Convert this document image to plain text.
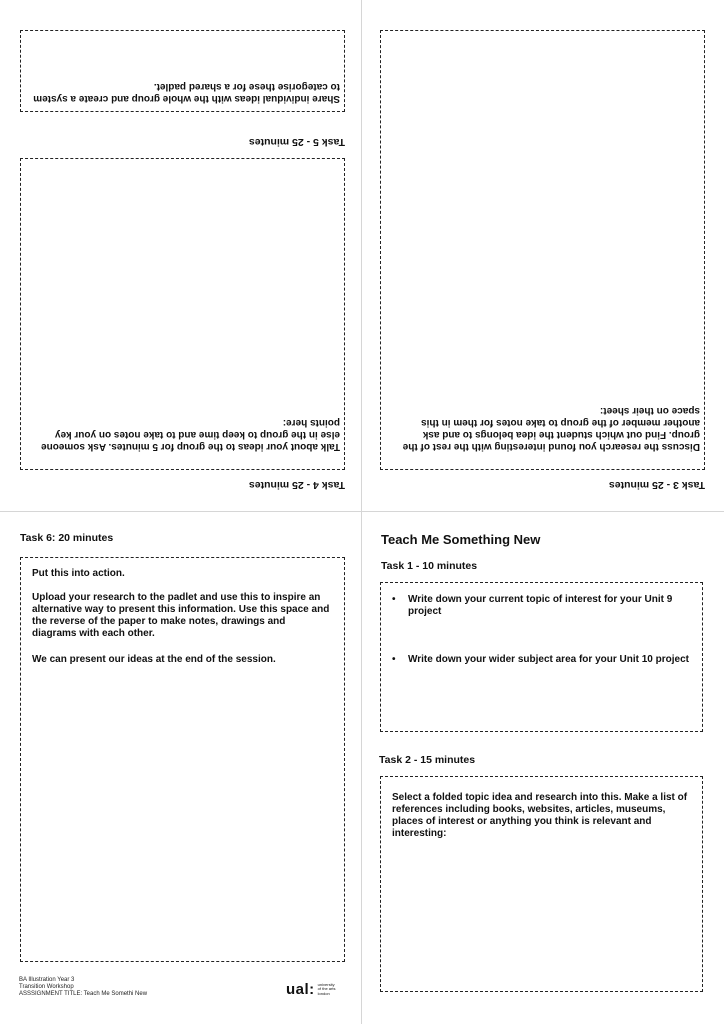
Share individual ideas with the whole group and create a system to categorise these for a shared padlet.
Task 5 - 25 minutes
Talk about your ideas to the group for 5 minutes. Ask someone else in the group to keep time and to take notes on your key points here:
Task 4 - 25 minutes
Discuss the research you found interesting with the rest of the group. Find out which student the idea belongs to and ask another member of the group to take notes for them in this space on their sheet:
Task 3 - 25 minutes
Task 6: 20 minutes
Put this into action.
Upload your research to the padlet and use this to inspire an alternative way to present this information. Use this space and the reverse of the paper to make notes, drawings and diagrams with each other.
We can present our ideas at the end of the session.
Teach Me Something New
Task 1 - 10 minutes
•	Write down your current topic of interest for your Unit 9 project
•	Write down your wider subject area for your Unit 10 project
Task 2 - 15 minutes
Select a folded topic idea and research into this. Make a list of references including books, websites, articles, museums, places of interest or anything you think is relevant and interesting:
BA Illustration Year 3
Transition Workshop
ASSSIGNMENT TITLE: Teach Me Somethi New	ual: university
of the arts
london
